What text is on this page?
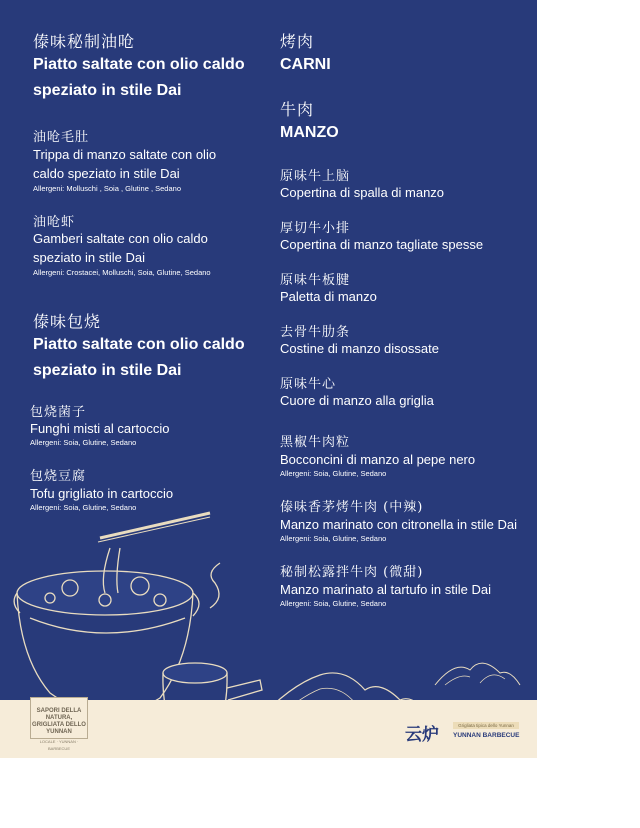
傣味秘制油呛
Piatto saltate con olio caldo
speziato in stile Dai
油呛毛肚
Trippa di manzo saltate con olio
caldo speziato in stile Dai
Allergeni: Molluschi , Soia , Glutine , Sedano
油呛虾
Gamberi saltate con olio caldo
speziato in stile Dai
Allergeni: Crostacei, Molluschi, Soia, Glutine, Sedano
傣味包烧
Piatto saltate con olio caldo
speziato in stile Dai
包烧菌子
Funghi misti al cartoccio
Allergeni: Soia, Glutine, Sedano
包烧豆腐
Tofu grigliato in cartoccio
Allergeni: Soia, Glutine, Sedano
烤肉
CARNI
牛肉
MANZO
原味牛上脑
Copertina di spalla di manzo
厚切牛小排
Copertina di manzo tagliate spesse
原味牛板腱
Paletta di manzo
去骨牛肋条
Costine di manzo disossate
原味牛心
Cuore di manzo alla griglia
黑椒牛肉粒
Bocconcini di manzo al pepe nero
Allergeni: Soia, Glutine, Sedano
傣味香茅烤牛肉 (中辣)
Manzo marinato con citronella in stile Dai
Allergeni: Soia, Glutine, Sedano
秘制松露拌牛肉 (微甜)
Manzo marinato al tartufo in stile Dai
Allergeni: Soia, Glutine, Sedano
SAPORI DELLA
NATURA,
GRIGLIATA DELLO
YUNNAN
LOCALE · YUNNAN · BARBECUE
云炉	Grigliata tipica dello Yunnan
YUNNAN BARBECUE
